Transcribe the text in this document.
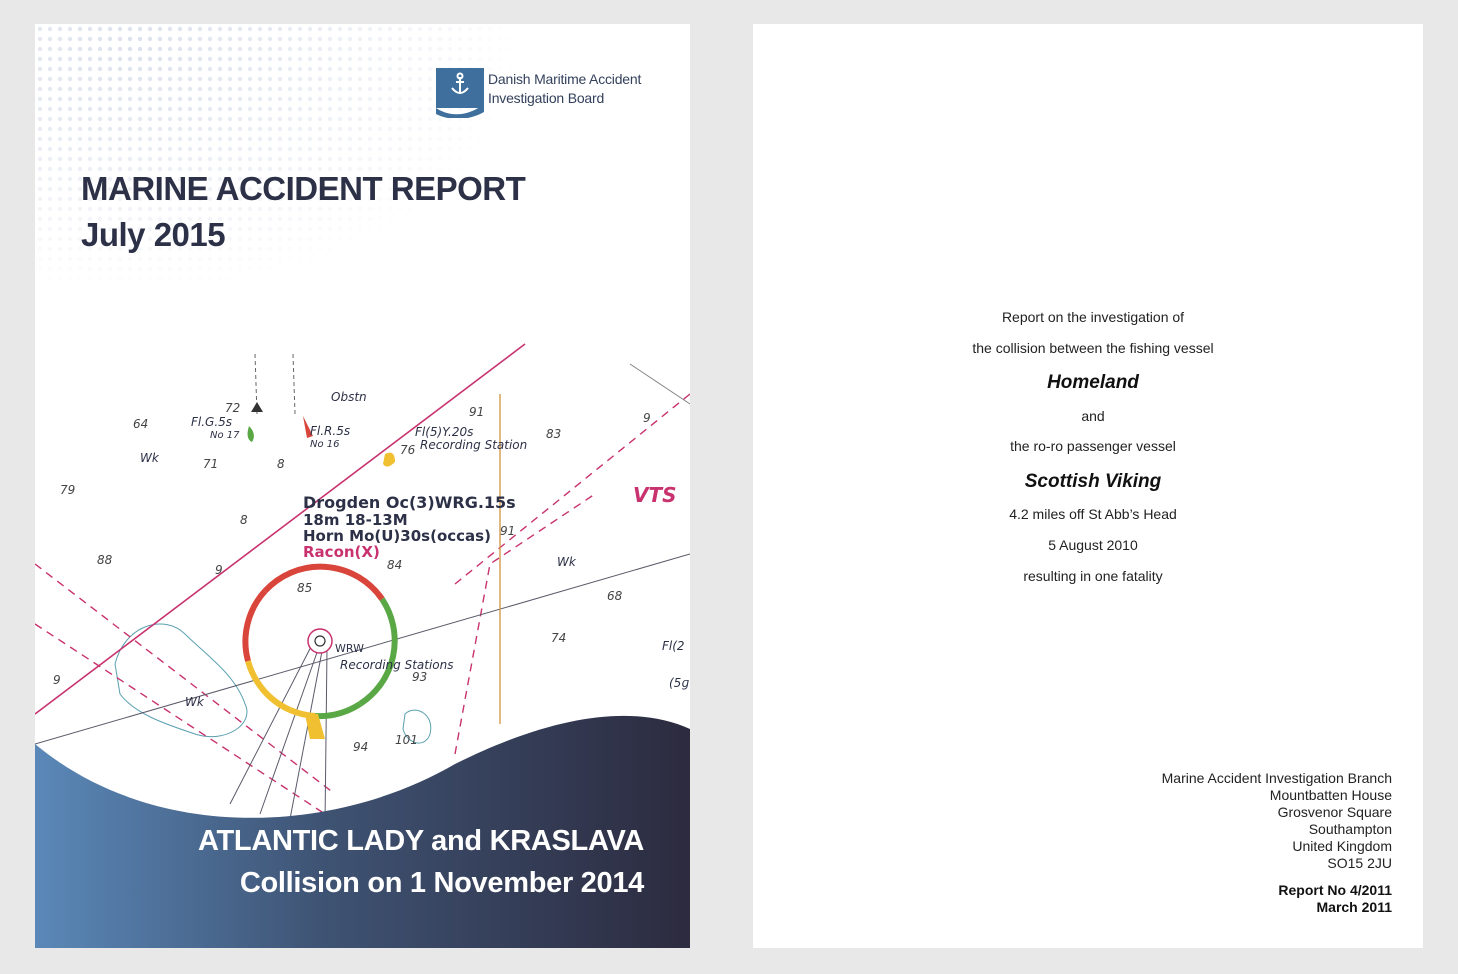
Drogden Oc(3)WRG.15s
18m 18-13M
Horn Mo(U)30s(occas)
Racon(X)
VTS
Fl.G.5s
No 17	Fl.R.5s
No 16
Fl(5)Y.20s
Recording Station
Recording Stations
Obstn
Wk
Wk
Wk
WRW	Fl(2
(5ɡ
64
79
88
9
8
8
71
72
85
84
91
83
68
74
93
91
9
94 101
9
76
Danish Maritime Accident
Investigation Board
MARINE ACCIDENT REPORT
July 2015
ATLANTIC LADY and KRASLAVA
Collision on 1 November 2014
Report on the investigation of
the collision between the fishing vessel
Homeland
and
the ro-ro passenger vessel
Scottish Viking
4.2 miles off St Abb’s Head
5 August 2010
resulting in one fatality
Marine Accident Investigation Branch
Mountbatten House
Grosvenor Square
Southampton
United Kingdom
SO15 2JU
Report No 4/2011
March 2011
